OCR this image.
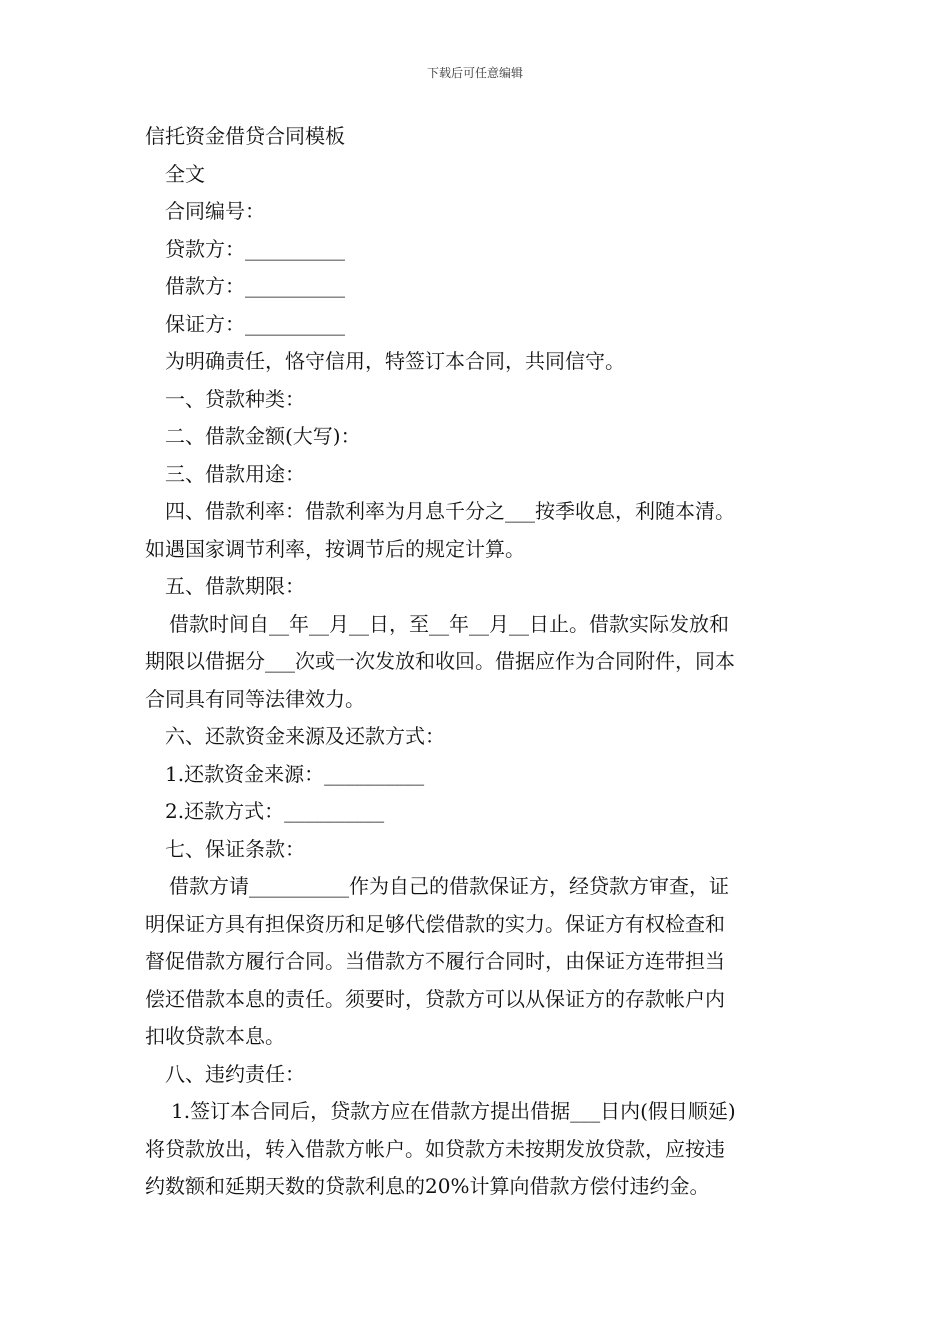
下载后可任意编辑

信托资金借贷合同模板

全文

合同编号：

贷款方：__________

借款方：__________

保证方：__________

为明确责任，恪守信用，特签订本合同，共同信守。

一、贷款种类：

二、借款金额(大写)：

三、借款用途：

四、借款利率：借款利率为月息千分之___按季收息，利随本清。

如遇国家调节利率，按调节后的规定计算。

五、借款期限：

借款时间自__年__月__日，至__年__月__日止。借款实际发放和

期限以借据分___次或一次发放和收回。借据应作为合同附件，同本

合同具有同等法律效力。

六、还款资金来源及还款方式：

1.还款资金来源：__________

2.还款方式：__________

七、保证条款：

借款方请__________作为自己的借款保证方，经贷款方审查，证

明保证方具有担保资历和足够代偿借款的实力。保证方有权检查和

督促借款方履行合同。当借款方不履行合同时，由保证方连带担当

偿还借款本息的责任。须要时，贷款方可以从保证方的存款帐户内

扣收贷款本息。

八、违约责任：

1.签订本合同后，贷款方应在借款方提出借据___日内(假日顺延)

将贷款放出，转入借款方帐户。如贷款方未按期发放贷款，应按违

约数额和延期天数的贷款利息的20%计算向借款方偿付违约金。
